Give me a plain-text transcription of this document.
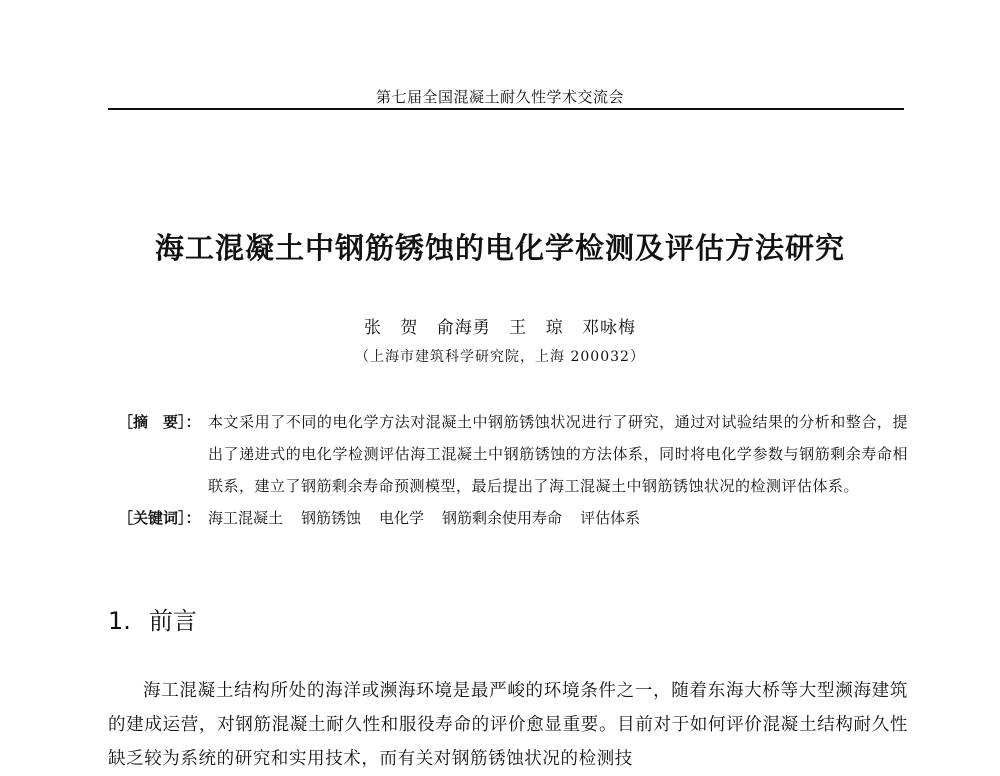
第七届全国混凝土耐久性学术交流会
海工混凝土中钢筋锈蚀的电化学检测及评估方法研究
张 贺 俞海勇 王 琼 邓咏梅
（上海市建筑科学研究院，上海 200032）
［摘　要］： 本文采用了不同的电化学方法对混凝土中钢筋锈蚀状况进行了研究，通过对试验结果的分析和整合，提出了递进式的电化学检测评估海工混凝土中钢筋锈蚀的方法体系，同时将电化学参数与钢筋剩余寿命相联系，建立了钢筋剩余寿命预测模型，最后提出了海工混凝土中钢筋锈蚀状况的检测评估体系。
［关键词］： 海工混凝土 钢筋锈蚀 电化学 钢筋剩余使用寿命 评估体系
1. 前言

海工混凝土结构所处的海洋或濒海环境是最严峻的环境条件之一，随着东海大桥等大型濒海建筑的建成运营，对钢筋混凝土耐久性和服役寿命的评价愈显重要。目前对于如何评价混凝土结构耐久性缺乏较为系统的研究和实用技术，而有关对钢筋锈蚀状况的检测技
